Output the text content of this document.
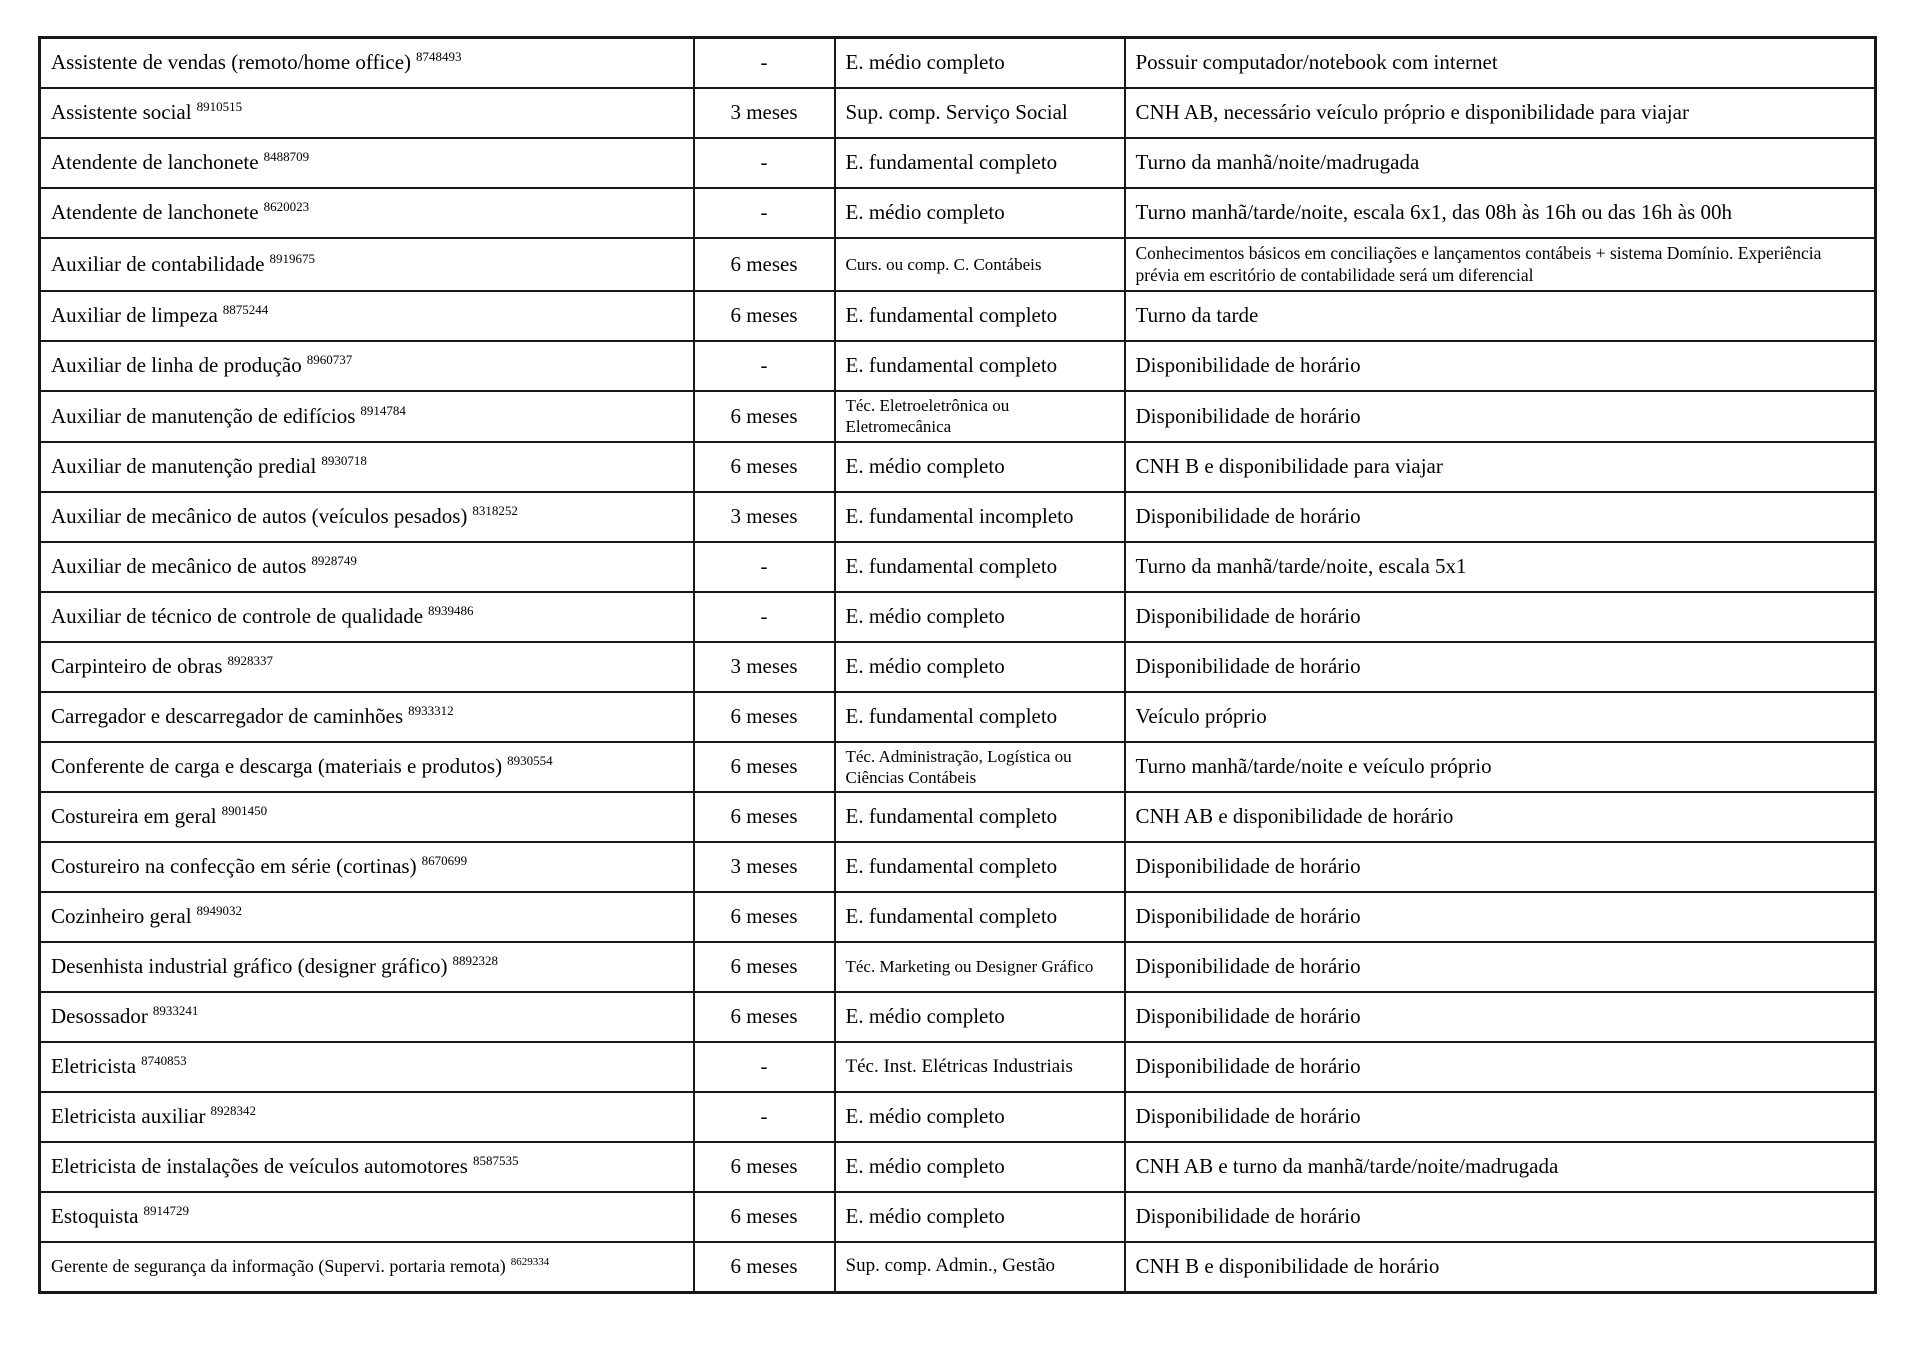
Assistente de vendas (remoto/home office) $^{8748493}$	-	E. médio completo	Possuir computador/notebook com internet
Assistente social $^{8910515}$	3 meses	Sup. comp. Serviço Social	CNH AB, necessário veículo próprio e disponibilidade para viajar
Atendente de lanchonete $^{8488709}$	-	E. fundamental completo	Turno da manhã/noite/madrugada
Atendente de lanchonete $^{8620023}$	-	E. médio completo	Turno manhã/tarde/noite, escala 6x1, das 08h às 16h ou das 16h às 00h
Auxiliar de contabilidade $^{8919675}$	6 meses	Curs. ou comp. C. Contábeis	Conhecimentos básicos em conciliações e lançamentos contábeis + sistema Domínio. Experiência prévia em escritório de contabilidade será um diferencial
Auxiliar de limpeza $^{8875244}$	6 meses	E. fundamental completo	Turno da tarde
Auxiliar de linha de produção $^{8960737}$	-	E. fundamental completo	Disponibilidade de horário
Auxiliar de manutenção de edifícios $^{8914784}$	6 meses	Téc. Eletroeletrônica ou Eletromecânica	Disponibilidade de horário
Auxiliar de manutenção predial $^{8930718}$	6 meses	E. médio completo	CNH B e disponibilidade para viajar
Auxiliar de mecânico de autos (veículos pesados) $^{8318252}$	3 meses	E. fundamental incompleto	Disponibilidade de horário
Auxiliar de mecânico de autos $^{8928749}$	-	E. fundamental completo	Turno da manhã/tarde/noite, escala 5x1
Auxiliar de técnico de controle de qualidade $^{8939486}$	-	E. médio completo	Disponibilidade de horário
Carpinteiro de obras $^{8928337}$	3 meses	E. médio completo	Disponibilidade de horário
Carregador e descarregador de caminhões $^{8933312}$	6 meses	E. fundamental completo	Veículo próprio
Conferente de carga e descarga (materiais e produtos) $^{8930554}$	6 meses	Téc. Administração, Logística ou Ciências Contábeis	Turno manhã/tarde/noite e veículo próprio
Costureira em geral $^{8901450}$	6 meses	E. fundamental completo	CNH AB e disponibilidade de horário
Costureiro na confecção em série (cortinas) $^{8670699}$	3 meses	E. fundamental completo	Disponibilidade de horário
Cozinheiro geral $^{8949032}$	6 meses	E. fundamental completo	Disponibilidade de horário
Desenhista industrial gráfico (designer gráfico) $^{8892328}$	6 meses	Téc. Marketing ou Designer Gráfico	Disponibilidade de horário
Desossador $^{8933241}$	6 meses	E. médio completo	Disponibilidade de horário
Eletricista $^{8740853}$	-	Téc. Inst. Elétricas Industriais	Disponibilidade de horário
Eletricista auxiliar $^{8928342}$	-	E. médio completo	Disponibilidade de horário
Eletricista de instalações de veículos automotores $^{8587535}$	6 meses	E. médio completo	CNH AB e turno da manhã/tarde/noite/madrugada
Estoquista $^{8914729}$	6 meses	E. médio completo	Disponibilidade de horário
Gerente de segurança da informação (Supervi. portaria remota) $^{8629334}$	6 meses	Sup. comp. Admin., Gestão	CNH B e disponibilidade de horário
